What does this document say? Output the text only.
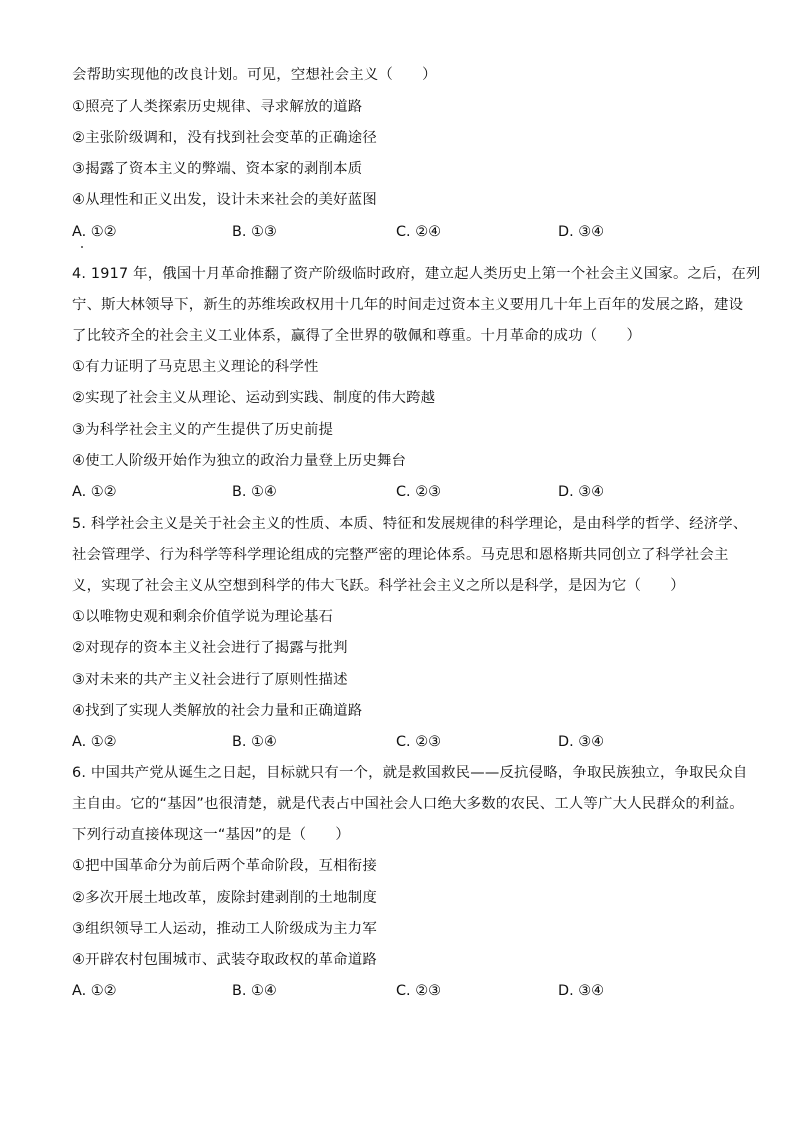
会帮助实现他的改良计划。可见，空想社会主义（　　）
①照亮了人类探索历史规律、寻求解放的道路
②主张阶级调和，没有找到社会变革的正确途径
③揭露了资本主义的弊端、资本家的剥削本质
④从理性和正义出发，设计未来社会的美好蓝图
A. ①②	B. ①③	C. ②④	D. ③④
4. 1917 年，俄国十月革命推翻了资产阶级临时政府，建立起人类历史上第一个社会主义国家。之后，在列
宁、斯大林领导下，新生的苏维埃政权用十几年的时间走过资本主义要用几十年上百年的发展之路，建设
了比较齐全的社会主义工业体系，赢得了全世界的敬佩和尊重。十月革命的成功（　　）
①有力证明了马克思主义理论的科学性
②实现了社会主义从理论、运动到实践、制度的伟大跨越
③为科学社会主义的产生提供了历史前提
④使工人阶级开始作为独立的政治力量登上历史舞台
A. ①②	B. ①④	C. ②③	D. ③④
5. 科学社会主义是关于社会主义的性质、本质、特征和发展规律的科学理论，是由科学的哲学、经济学、
社会管理学、行为科学等科学理论组成的完整严密的理论体系。马克思和恩格斯共同创立了科学社会主
义，实现了社会主义从空想到科学的伟大飞跃。科学社会主义之所以是科学，是因为它（　　）
①以唯物史观和剩余价值学说为理论基石
②对现存的资本主义社会进行了揭露与批判
③对未来的共产主义社会进行了原则性描述
④找到了实现人类解放的社会力量和正确道路
A. ①②	B. ①④	C. ②③	D. ③④
6. 中国共产党从诞生之日起，目标就只有一个，就是救国救民——反抗侵略，争取民族独立，争取民众自
主自由。它的“基因”也很清楚，就是代表占中国社会人口绝大多数的农民、工人等广大人民群众的利益。
下列行动直接体现这一“基因”的是（　　）
①把中国革命分为前后两个革命阶段，互相衔接
②多次开展土地改革，废除封建剥削的土地制度
③组织领导工人运动，推动工人阶级成为主力军
④开辟农村包围城市、武装夺取政权的革命道路
A. ①②	B. ①④	C. ②③	D. ③④
